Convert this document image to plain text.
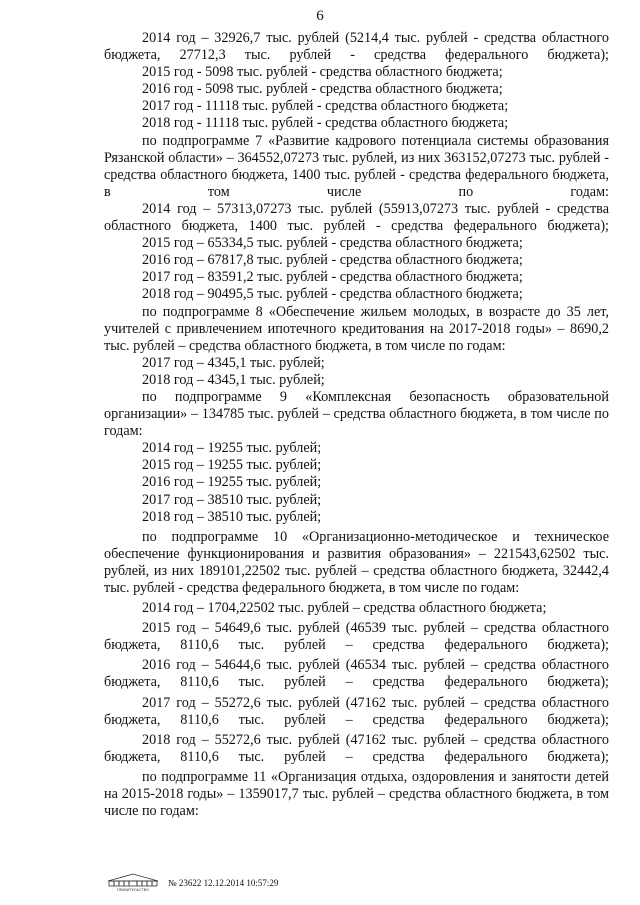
6

2014 год – 32926,7 тыс. рублей (5214,4 тыс. рублей - средства областного бюджета, 27712,3 тыс. рублей - средства федерального бюджета);

2015 год - 5098 тыс. рублей - средства областного бюджета;

2016 год - 5098 тыс. рублей - средства областного бюджета;

2017 год - 11118 тыс. рублей - средства областного бюджета;

2018 год - 11118 тыс. рублей - средства областного бюджета;

по подпрограмме 7 «Развитие кадрового потенциала системы образования Рязанской области» – 364552,07273 тыс. рублей, из них 363152,07273 тыс. рублей - средства областного бюджета, 1400 тыс. рублей - средства федерального бюджета, в том числе по годам:

2014 год – 57313,07273 тыс. рублей (55913,07273 тыс. рублей - средства областного бюджета, 1400 тыс. рублей - средства федерального бюджета);

2015 год – 65334,5 тыс. рублей - средства областного бюджета;

2016 год – 67817,8 тыс. рублей - средства областного бюджета;

2017 год – 83591,2 тыс. рублей - средства областного бюджета;

2018 год – 90495,5 тыс. рублей - средства областного бюджета;

по подпрограмме 8 «Обеспечение жильем молодых, в возрасте до 35 лет, учителей с привлечением ипотечного кредитования на 2017-2018 годы» – 8690,2 тыс. рублей – средства областного бюджета, в том числе по годам:

2017 год – 4345,1 тыс. рублей;

2018 год – 4345,1 тыс. рублей;

по подпрограмме 9 «Комплексная безопасность образовательной организации» – 134785 тыс. рублей – средства областного бюджета, в том числе по годам:

2014 год – 19255 тыс. рублей;

2015 год – 19255 тыс. рублей;

2016 год – 19255 тыс. рублей;

2017 год – 38510 тыс. рублей;

2018 год – 38510 тыс. рублей;

по подпрограмме 10 «Организационно-методическое и техническое обеспечение функционирования и развития образования» – 221543,62502 тыс. рублей, из них 189101,22502 тыс. рублей – средства областного бюджета, 32442,4 тыс. рублей - средства федерального бюджета, в том числе по годам:

2014 год – 1704,22502 тыс. рублей – средства областного бюджета;

2015 год – 54649,6 тыс. рублей (46539 тыс. рублей – средства областного бюджета, 8110,6 тыс. рублей – средства федерального бюджета);

2016 год – 54644,6 тыс. рублей (46534 тыс. рублей – средства областного бюджета, 8110,6 тыс. рублей – средства федерального бюджета);

2017 год – 55272,6 тыс. рублей (47162 тыс. рублей – средства областного бюджета, 8110,6 тыс. рублей – средства федерального бюджета);

2018 год – 55272,6 тыс. рублей (47162 тыс. рублей – средства областного бюджета, 8110,6 тыс. рублей – средства федерального бюджета);

по подпрограмме 11 «Организация отдыха, оздоровления и занятости детей на 2015-2018 годы» – 1359017,7 тыс. рублей – средства областного бюджета, в том числе по годам:

ПРАВИТЕЛЬСТВО
№ 23622 12.12.2014 10:57:29
